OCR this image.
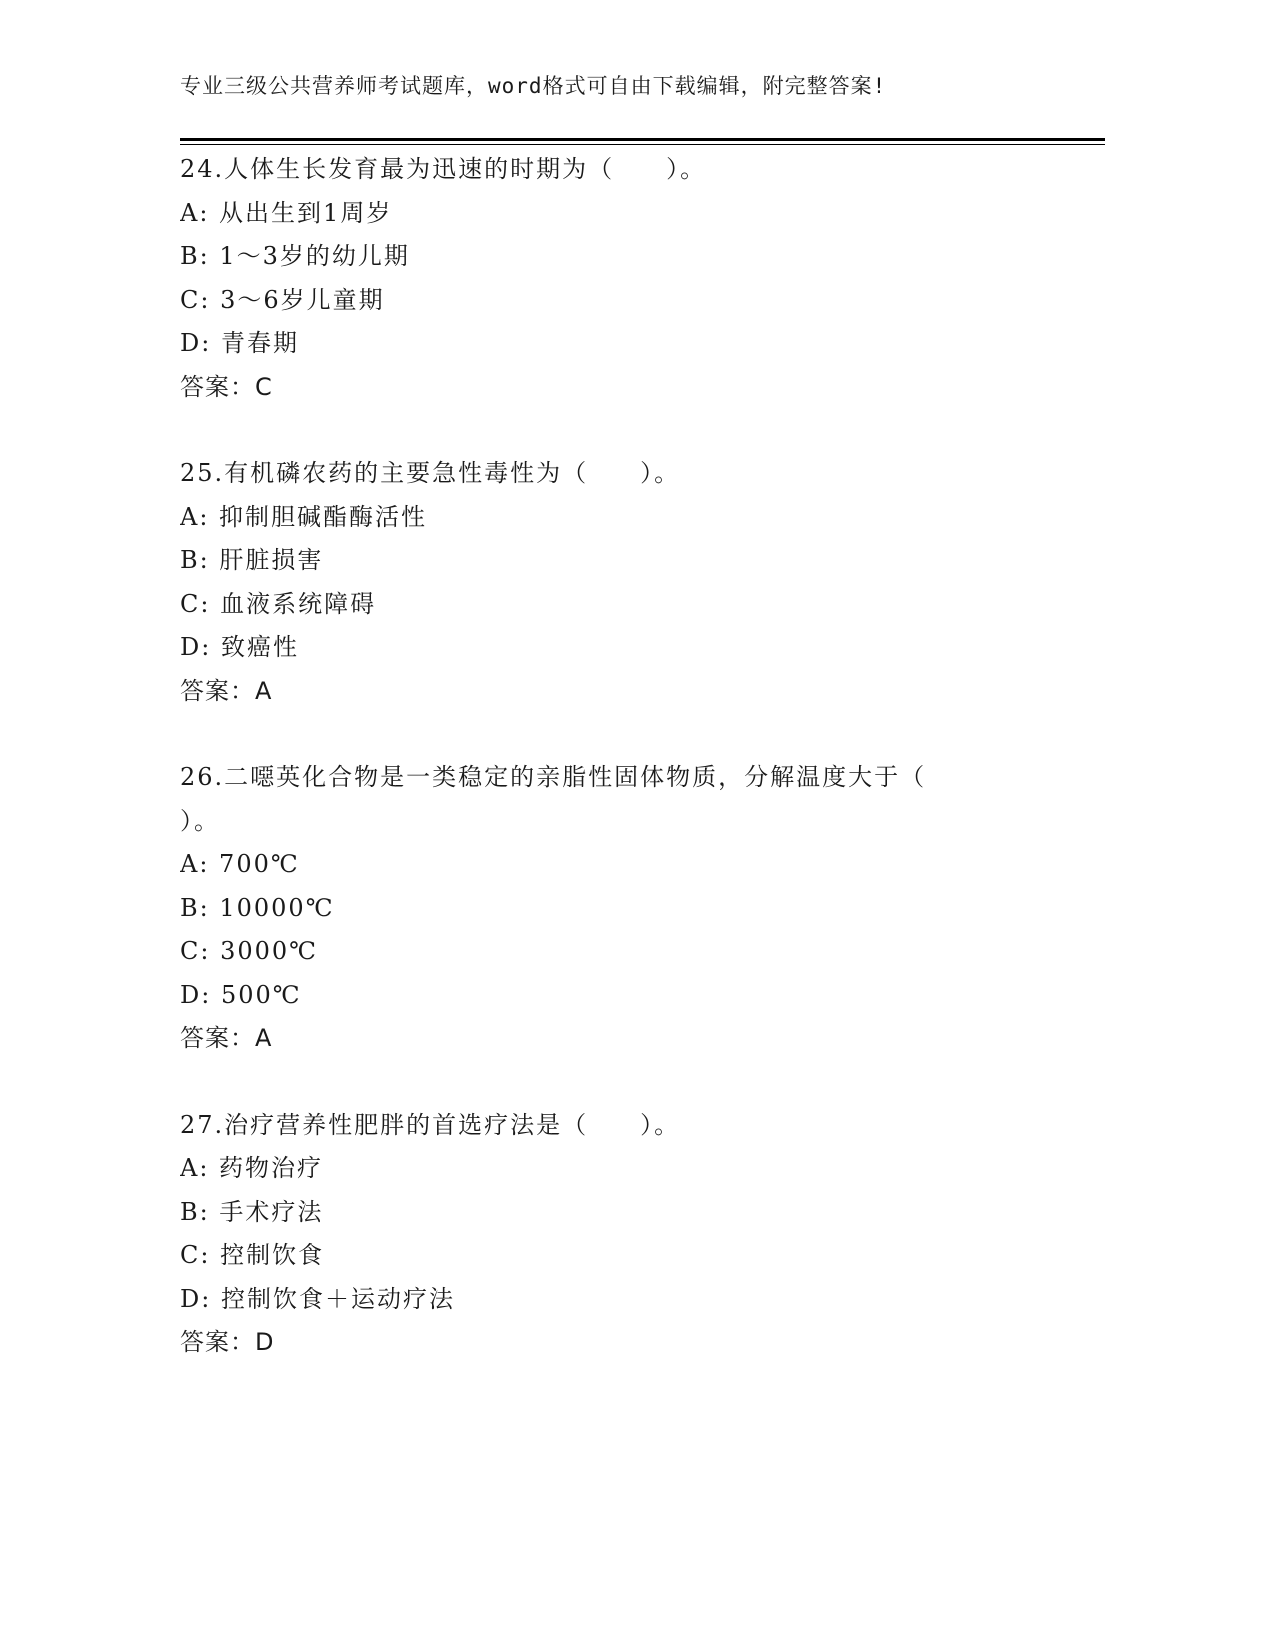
专业三级公共营养师考试题库，word格式可自由下载编辑，附完整答案!
24.人体生长发育最为迅速的时期为（　　）。
A: 从出生到1周岁
B: 1～3岁的幼儿期
C: 3～6岁儿童期
D: 青春期
答案：C
25.有机磷农药的主要急性毒性为（　　）。
A: 抑制胆碱酯酶活性
B: 肝脏损害
C: 血液系统障碍
D: 致癌性
答案：A
26.二噁英化合物是一类稳定的亲脂性固体物质，分解温度大于（　　）。
A: 700℃
B: 10000℃
C: 3000℃
D: 500℃
答案：A
27.治疗营养性肥胖的首选疗法是（　　）。
A: 药物治疗
B: 手术疗法
C: 控制饮食
D: 控制饮食＋运动疗法
答案：D
